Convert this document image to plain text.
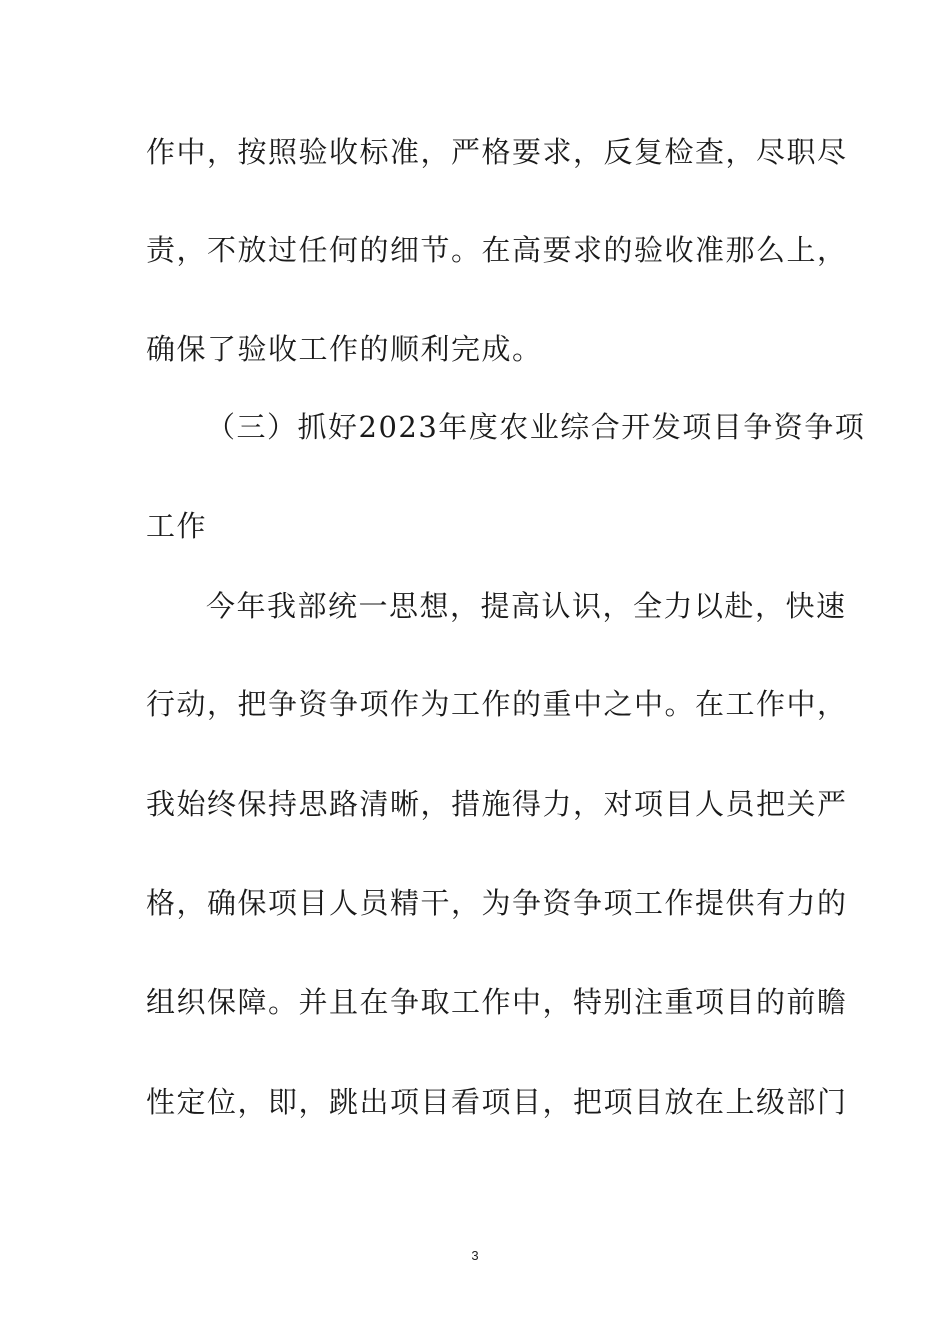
作中，按照验收标准，严格要求，反复检查，尽职尽
责，不放过任何的细节。在高要求的验收准那么上，
确保了验收工作的顺利完成。
（三）抓好2023年度农业综合开发项目争资争项
工作
今年我部统一思想，提高认识，全力以赴，快速
行动，把争资争项作为工作的重中之中。在工作中，
我始终保持思路清晰，措施得力，对项目人员把关严
格，确保项目人员精干，为争资争项工作提供有力的
组织保障。并且在争取工作中，特别注重项目的前瞻
性定位，即，跳出项目看项目，把项目放在上级部门
3
